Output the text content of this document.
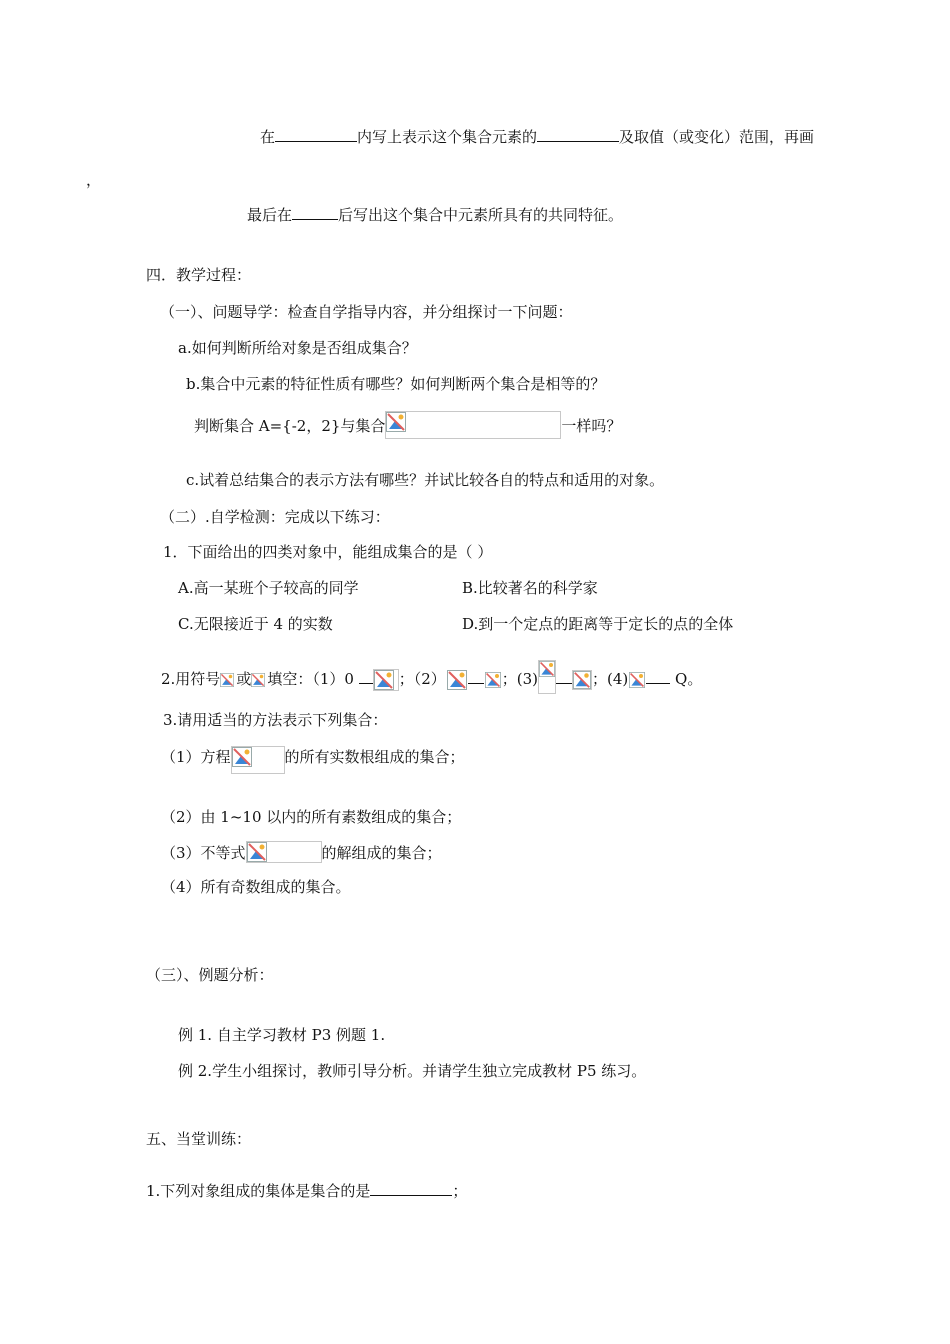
在	内写上表示这个集合元素的	及取值（或变化）范围，再画
，
最后在	后写出这个集合中元素所具有的共同特征。
四．教学过程：
（一）、问题导学：检查自学指导内容，并分组探讨一下问题：
a.如何判断所给对象是否组成集合？
b.集合中元素的特征性质有哪些？如何判断两个集合是相等的？
判断集合 A={-2，2}与集合	一样吗？
c.试着总结集合的表示方法有哪些？并试比较各自的特点和适用的对象。
（二）.自学检测：完成以下练习：
1．下面给出的四类对象中，能组成集合的是（ ）
A.高一某班个子较高的同学	B.比较著名的科学家
C.无限接近于 4 的实数	D.到一个定点的距离等于定长的点的全体
2.用符号 或 填空：（1）0	；（2）	；(3)	；(4)	Q。
3.请用适当的方法表示下列集合：
（1）方程	的所有实数根组成的集合；
（2）由 1~10 以内的所有素数组成的集合；
（3）不等式	的解组成的集合；
（4）所有奇数组成的集合。
（三）、例题分析：
例 1. 自主学习教材 P3 例题 1.
例 2.学生小组探讨，教师引导分析。并请学生独立完成教材 P5 练习。
五、当堂训练：
1.下列对象组成的集体是集合的是	；
